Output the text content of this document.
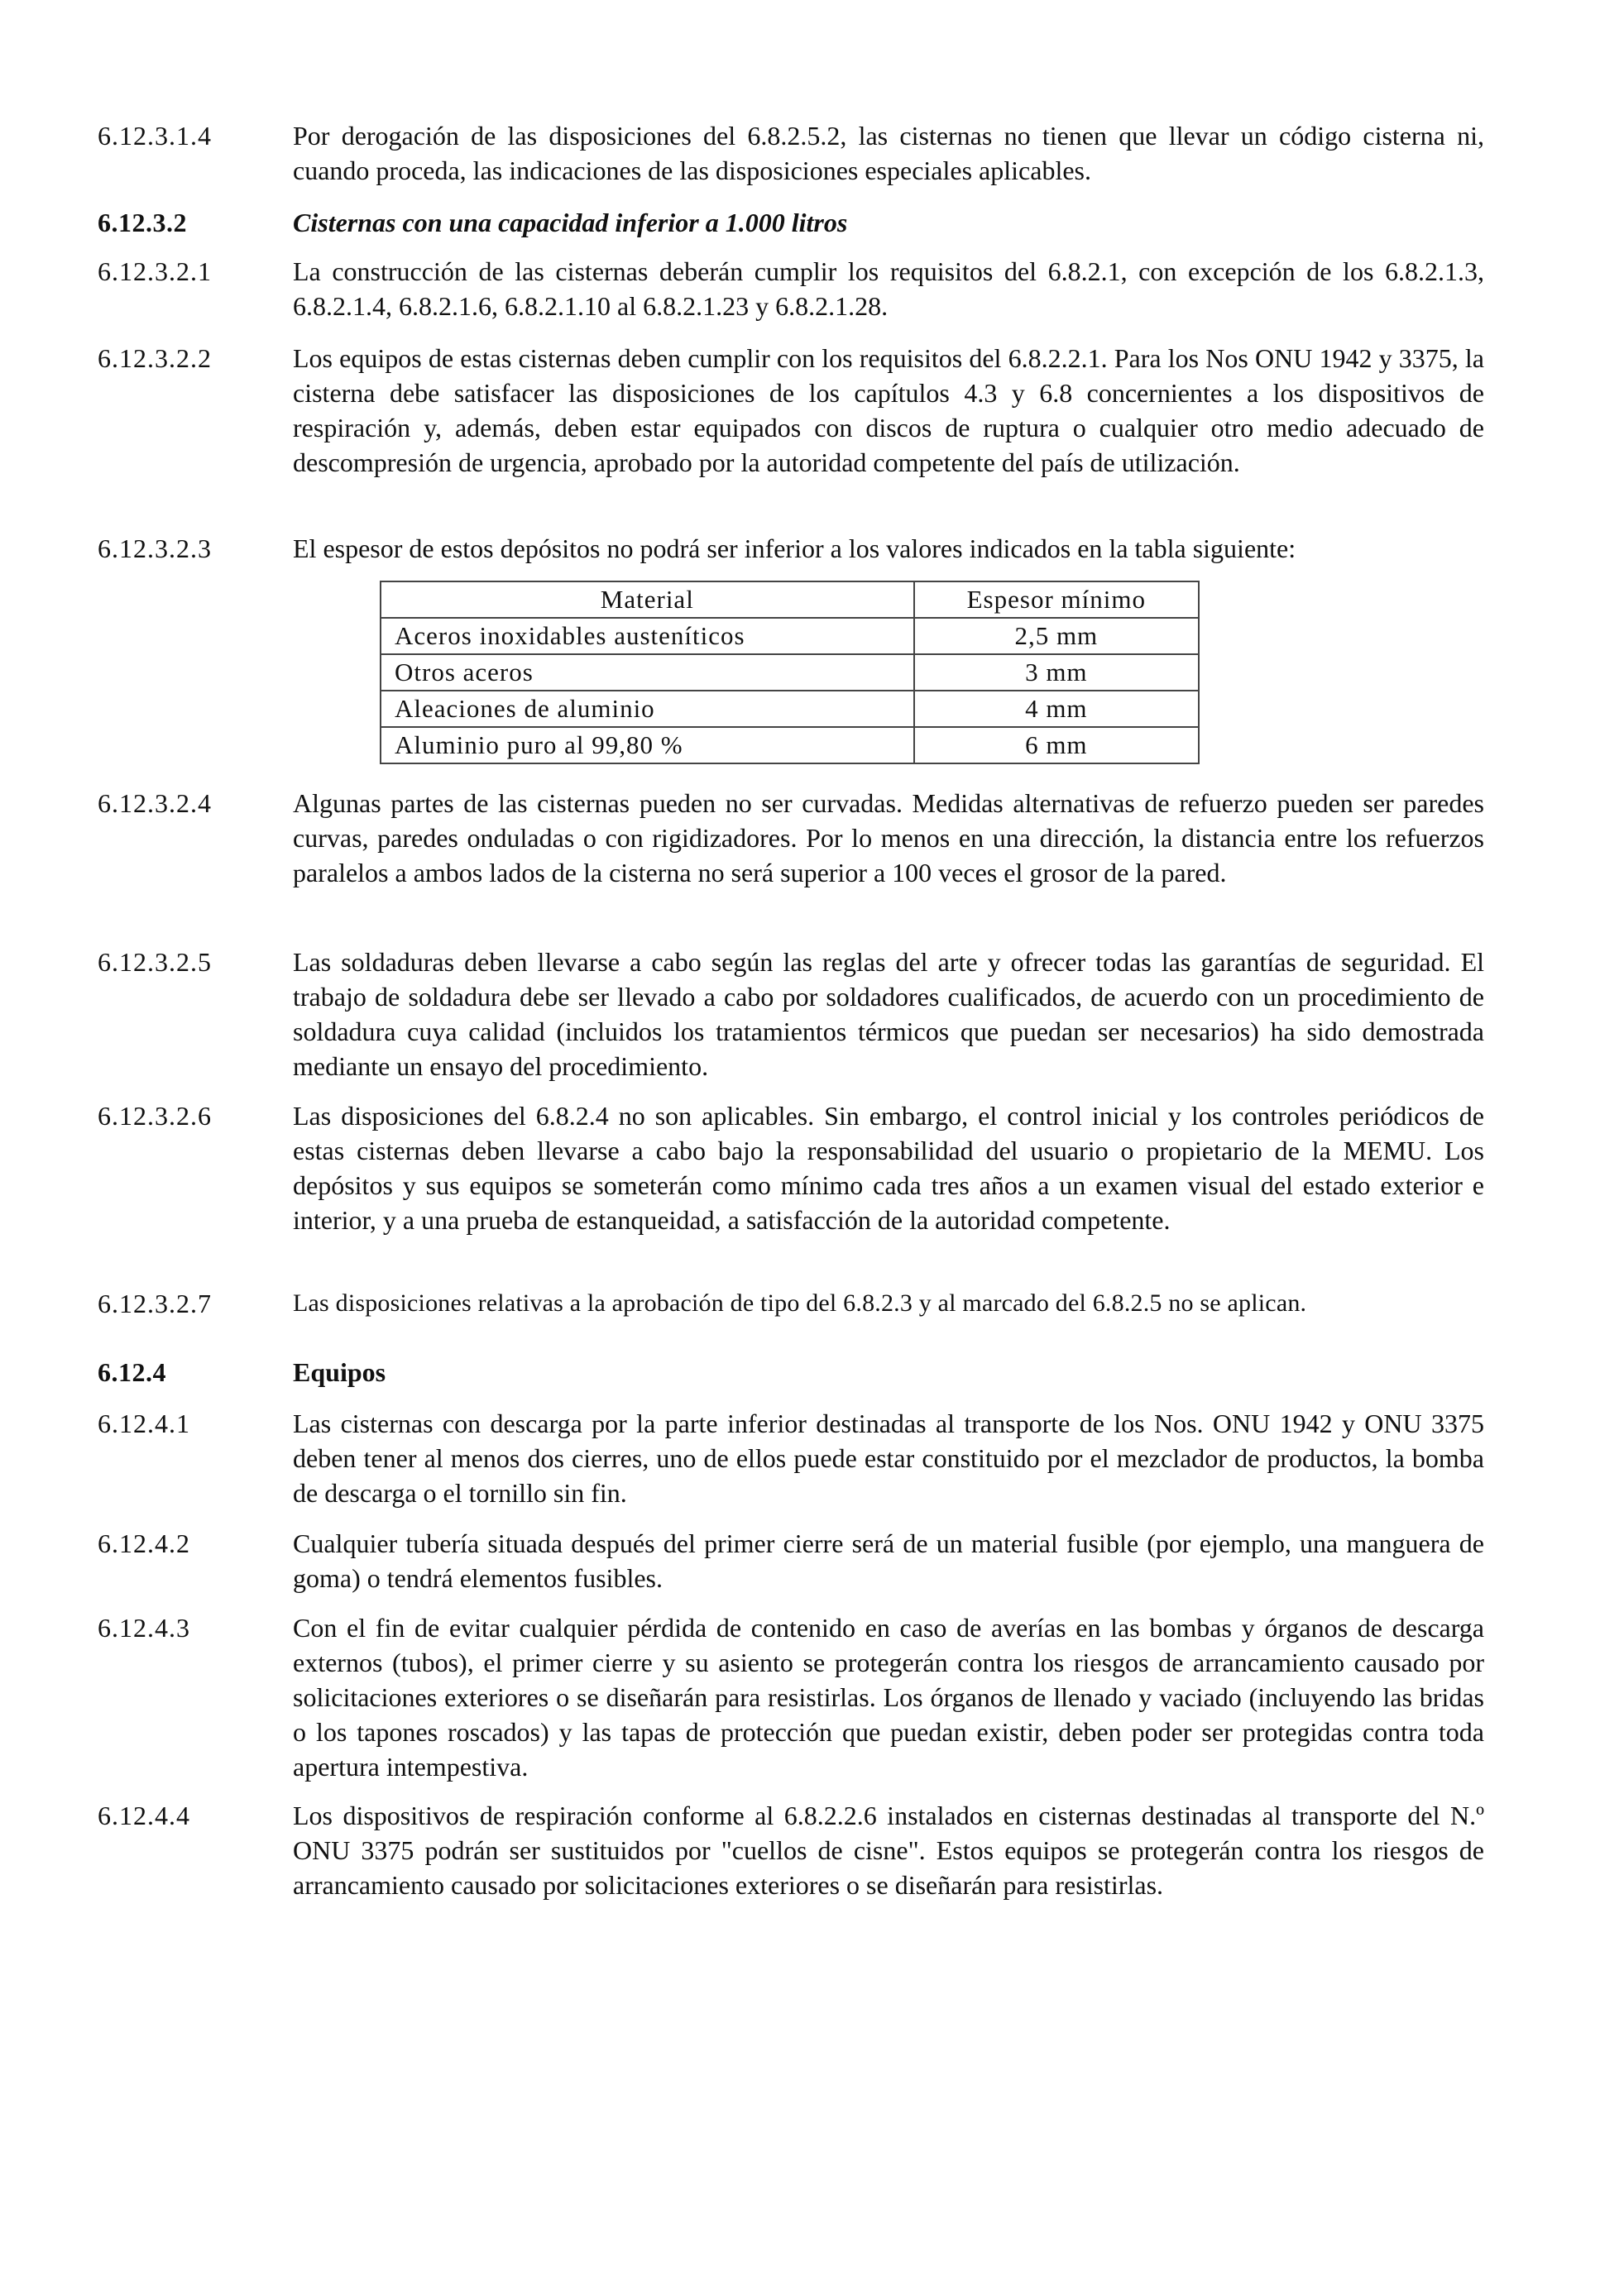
6.12.3.1.4	Por derogación de las disposiciones del 6.8.2.5.2, las cisternas no tienen que llevar un código cisterna ni, cuando proceda, las indicaciones de las disposiciones especiales aplicables.
6.12.3.2	Cisternas con una capacidad inferior a 1.000 litros
6.12.3.2.1	La construcción de las cisternas deberán cumplir los requisitos del 6.8.2.1, con excepción de los 6.8.2.1.3, 6.8.2.1.4, 6.8.2.1.6, 6.8.2.1.10 al 6.8.2.1.23 y 6.8.2.1.28.
6.12.3.2.2	Los equipos de estas cisternas deben cumplir con los requisitos del 6.8.2.2.1. Para los Nos ONU 1942 y 3375, la cisterna debe satisfacer las disposiciones de los capítulos 4.3 y 6.8 concernientes a los dispositivos de respiración y, además, deben estar equipados con discos de ruptura o cualquier otro medio adecuado de descompresión de urgencia, aprobado por la autoridad competente del país de utilización.
6.12.3.2.3	El espesor de estos depósitos no podrá ser inferior a los valores indicados en la tabla siguiente:
Material	Espesor mínimo
Aceros inoxidables austeníticos	2,5 mm
Otros aceros	3 mm
Aleaciones de aluminio	4 mm
Aluminio puro al 99,80 %	6 mm
6.12.3.2.4	Algunas partes de las cisternas pueden no ser curvadas. Medidas alternativas de refuerzo pueden ser paredes curvas, paredes onduladas o con rigidizadores. Por lo menos en una dirección, la distancia entre los refuerzos paralelos a ambos lados de la cisterna no será superior a 100 veces el grosor de la pared.
6.12.3.2.5	Las soldaduras deben llevarse a cabo según las reglas del arte y ofrecer todas las garantías de seguridad. El trabajo de soldadura debe ser llevado a cabo por soldadores cualificados, de acuerdo con un procedimiento de soldadura cuya calidad (incluidos los tratamientos térmicos que puedan ser necesarios) ha sido demostrada mediante un ensayo del procedimiento.
6.12.3.2.6	Las disposiciones del 6.8.2.4 no son aplicables. Sin embargo, el control inicial y los controles periódicos de estas cisternas deben llevarse a cabo bajo la responsabilidad del usuario o propietario de la MEMU. Los depósitos y sus equipos se someterán como mínimo cada tres años a un examen visual del estado exterior e interior, y a una prueba de estanqueidad, a satisfacción de la autoridad competente.
6.12.3.2.7	Las disposiciones relativas a la aprobación de tipo del 6.8.2.3 y al marcado del 6.8.2.5 no se aplican.
6.12.4	Equipos
6.12.4.1	Las cisternas con descarga por la parte inferior destinadas al transporte de los Nos. ONU 1942 y ONU 3375 deben tener al menos dos cierres, uno de ellos puede estar constituido por el mezclador de productos, la bomba de descarga o el tornillo sin fin.
6.12.4.2	Cualquier tubería situada después del primer cierre será de un material fusible (por ejemplo, una manguera de goma) o tendrá elementos fusibles.
6.12.4.3	Con el fin de evitar cualquier pérdida de contenido en caso de averías en las bombas y órganos de descarga externos (tubos), el primer cierre y su asiento se protegerán contra los riesgos de arrancamiento causado por solicitaciones exteriores o se diseñarán para resistirlas. Los órganos de llenado y vaciado (incluyendo las bridas o los tapones roscados) y las tapas de protección que puedan existir, deben poder ser protegidas contra toda apertura intempestiva.
6.12.4.4	Los dispositivos de respiración conforme al 6.8.2.2.6 instalados en cisternas destinadas al transporte del N.º ONU 3375 podrán ser sustituidos por "cuellos de cisne". Estos equipos se protegerán contra los riesgos de arrancamiento causado por solicitaciones exteriores o se diseñarán para resistirlas.
